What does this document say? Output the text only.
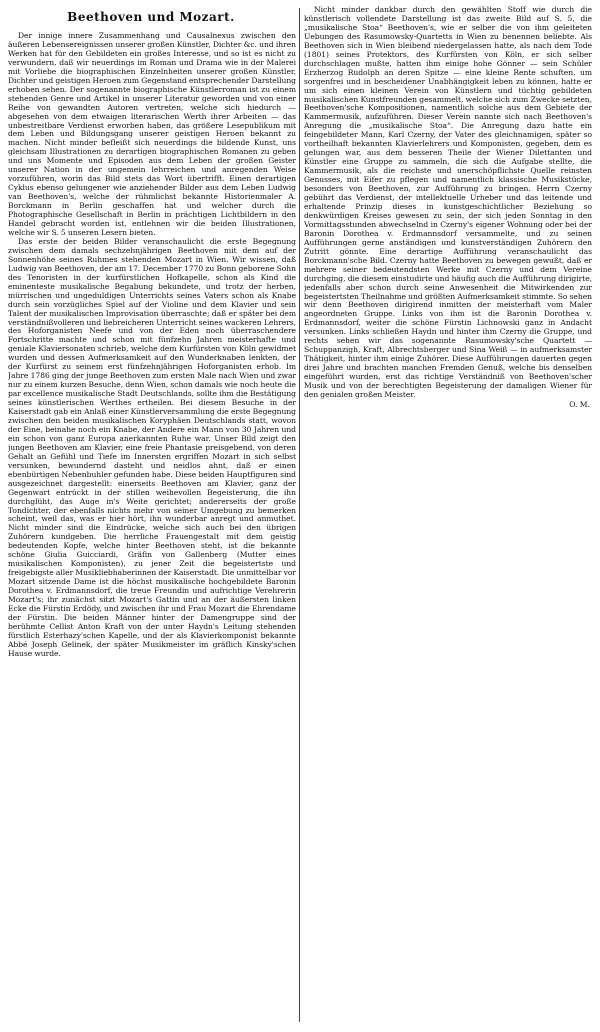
Beethoven und Mozart.

Der innige innere Zusammenhang und Causalnexus zwischen den äußeren Lebensereignissen unserer großen Künstler, Dichter &c. und ihren Werken hat für den Gebildeten ein großes Interesse, und so ist es nicht zu verwundern, daß wir neuerdings im Roman und Drama wie in der Malerei mit Vorliebe die biographischen Einzelnheiten unserer großen Künstler, Dichter und geistigen Heroen zum Gegenstand entsprechender Darstellung erhoben sehen. Der sogenannte biographische Künstlerroman ist zu einem stehenden Genre und Artikel in unserer Literatur geworden und von einer Reihe von gewandten Autoren vertreten, welche sich hiedurch — abgesehen von dem etwaigen literarischen Werth ihrer Arbeiten — das unbestreitbare Verdienst erworben haben, das größere Lesepublikum mit dem Leben und Bildungsgang unserer geistigen Heroen bekannt zu machen. Nicht minder befleißt sich neuerdings die bildende Kunst, uns gleichsam Illustrationen zu derartigen biographischen Romanen zu geben und uns Momente und Episoden aus dem Leben der großen Geister unserer Nation in der ungemein lehrreichen und anregenden Weise vorzuführen, worin das Bild stets das Wort übertrifft. Einen derartigen Cyklus ebenso gelungener wie anziehender Bilder aus dem Leben Ludwig van Beethoven's, welche der rühmlichst bekannte Historienmaler A. Borckmann in Berlin geschaffen hat und welcher durch die Photographische Gesellschaft in Berlin in prächtigen Lichtbildern in den Handel gebracht worden ist, entlehnen wir die beiden Illustrationen, welche wir S. 5 unseren Lesern bieten.

Das erste der beiden Bilder veranschaulicht die erste Begegnung zwischen dem damals sechzehnjährigen Beethoven mit dem auf der Sonnenhöhe seines Ruhmes stehenden Mozart in Wien. Wir wissen, daß Ludwig van Beethoven, der am 17. December 1770 zu Bonn geborene Sohn des Tenoristen in der kurfürstlichen Hofkapelle, schon als Kind die eminenteste musikalische Begabung bekundete, und trotz der herben, mürrischen und ungeduldigen Unterrichts seines Vaters schon als Knabe durch sein vorzügliches Spiel auf der Violine und dem Klavier und sein Talent der musikalischen Improvisation überraschte; daß er später bei dem verständnißvolleren und liebreicheren Unterricht seines wackeren Lehrers, des Hoforganisten Neefe und von der Eden noch überraschendere Fortschritte machte und schon mit fünfzehn Jahren meisterhafte und geniale Klaviersonaten schrieb, welche dem Kurfürsten von Köln gewidmet wurden und dessen Aufmerksamkeit auf den Wunderknaben lenkten, der der Kurfürst zu seinem erst fünfzehnjährigen Hoforganisten erhob. Im Jahre 1786 ging der junge Beethoven zum ersten Male nach Wien und zwar nur zu einem kurzen Besuche, denn Wien, schon damals wie noch heute die par excellence musikalische Stadt Deutschlands, sollte ihm die Bestätigung seines künstlerischen Werthes ertheilen. Bei diesem Besuche in der Kaiserstadt gab ein Anlaß einer Künstlerversammlung die erste Begegnung zwischen den beiden musikalischen Koryphäen Deutschlands statt, wovon der Eine, beinahe noch ein Knabe, der Andere ein Mann von 30 Jahren und ein schon von ganz Europa anerkannten Ruhe war. Unser Bild zeigt den jungen Beethoven am Klavier, eine freie Phantasie preisgebend, von deren Gehalt an Gefühl und Tiefe im Innersten ergriffen Mozart in sich selbst versunken, bewundernd dasteht und neidlos ahnt, daß er einen ebenbürtigen Nebenbuhler gefunden habe. Diese beiden Hauptfiguren sind ausgezeichnet dargestellt: einerseits Beethoven am Klavier, ganz der Gegenwart entrückt in der stillen weihevollen Begeisterung, die ihn durchglüht, das Auge in's Weite gerichtet; andererseits der große Tondichter, der ebenfalls nichts mehr von seiner Umgebung zu bemerken scheint, weil das, was er hier hört, ihn wunderbar anregt und anmuthet. Nicht minder sind die Eindrücke, welche sich auch bei den übrigen Zuhörern kundgeben. Die herrliche Frauengestalt mit dem geistig bedeutenden Kopfe, welche hinter Beethoven steht, ist die bekannte schöne Giulia Guicciardi, Gräfin von Gallenberg (Mutter eines musikalischen Komponisten), zu jener Zeit die begeistertste und freigebigste aller Musikliebhaberinnen der Kaiserstadt. Die unmittelbar vor Mozart sitzende Dame ist die höchst musikalische hochgebildete Baronin Dorothea v. Erdmannsdorf, die treue Freundin und aufrichtige Verehrerin Mozart's; ihr zunächst sitzt Mozart's Gattin und an der äußersten linken Ecke die Fürstin Erdödy, und zwischen ihr und Frau Mozart die Ehrendame der Fürstin. Die beiden Männer hinter der Damengruppe sind der berühmte Cellist Anton Kraft von der unter Haydn's Leitung stehenden fürstlich Esterhazy'schen Kapelle, und der als Klavierkomponist bekannte Abbé Joseph Gelinek, der später Musikmeister im gräflich Kinsky'schen Hause wurde.

Nicht minder dankbar durch den gewählten Stoff wie durch die künstlerisch vollendete Darstellung ist das zweite Bild auf S. 5, die „musikalische Stoa“ Beethoven's, wie er selber die von ihm geleiteten Uebungen des Rasumowsky-Quartetts in Wien zu benennen beliebte. Als Beethoven sich in Wien bleibend niedergelassen hatte, als nach dem Tode (1801) seines Protektors, des Kurfürsten von Köln, er sich selber durchschlagen mußte, hatten ihm einige hohe Gönner — sein Schüler Erzherzog Rudolph an deren Spitze — eine kleine Rente schuften, um sorgenfrei und in bescheidener Unabhängigkeit leben zu können, hatte er um sich einen kleinen Verein von Künstlern und tüchtig gebildeten musikalischen Kunstfreunden gesammelt, welche sich zum Zwecke setzten, Beethoven'sche Kompositionen, namentlich solche aus dem Gebiete der Kammermusik, aufzuführen. Dieser Verein nannte sich nach Beethoven's Anregung die „musikalische Stoa“. Die Anregung dazu hatte ein feingebildeter Mann, Karl Czerny, der Vater des gleichnamigen, später so vortheilhaft bekannten Klavierlehrers und Komponisten, gegeben, dem es gelungen war, aus dem besseren Theile der Wiener Dilettanten und Künstler eine Gruppe zu sammeln, die sich die Aufgabe stellte, die Kammermusik, als die reichste und unerschöpflichste Quelle reinsten Genusses, mit Eifer zu pflegen und namentlich klassische Musikstücke, besonders von Beethoven, zur Aufführung zu bringen. Herrn Czerny gebührt das Verdienst, der intellektuelle Urheber und das leitende und erhaltende Prinzip dieses in kunstgeschichtlicher Beziehung so denkwürdigen Kreises gewesen zu sein, der sich jeden Sonntag in den Vormittagsstunden abwechselnd in Czerny's eigener Wohnung oder bei der Baronin Dorothea v. Erdmannsdorf versammelte, und zu seinen Aufführungen gerne anständigen und kunstverständigen Zuhörern den Zutritt gönnte. Eine derartige Aufführung veranschaulicht das Borckmann'sche Bild. Czerny hatte Beethoven zu bewegen gewußt, daß er mehrere seiner bedeutendsten Werke mit Czerny und dem Vereine durchging, die diesem einstudirte und häufig auch die Aufführung dirigirte, jedenfalls aber schon durch seine Anwesenheit die Mitwirkenden zur begeistertsten Theilnahme und größten Aufmerksamkeit stimmte. So sehen wir denn Beethoven dirigirend inmitten der meisterhaft vom Maler angeordneten Gruppe. Links von ihm ist die Baronin Dorothea v. Erdmannsdorf, weiter die schöne Fürstin Lichnowski ganz in Andacht versunken. Links schließen Haydn und hinter ihm Czerny die Gruppe, und rechts sehen wir das sogenannte Rasumowsky'sche Quartett — Schuppanzigh, Kraft, Albrechtsberger und Sina Weiß — in aufmerksamster Thätigkeit, hinter ihm einige Zuhörer. Diese Aufführungen dauerten gegen drei Jahre und brachten manchen Fremden Genuß, welche bis denselben eingeführt wurden, erst das richtige Verständniß von Beethoven'scher Musik und von der berechtigten Begeisterung der damaligen Wiener für den genialen großen Meister.

O. M.
